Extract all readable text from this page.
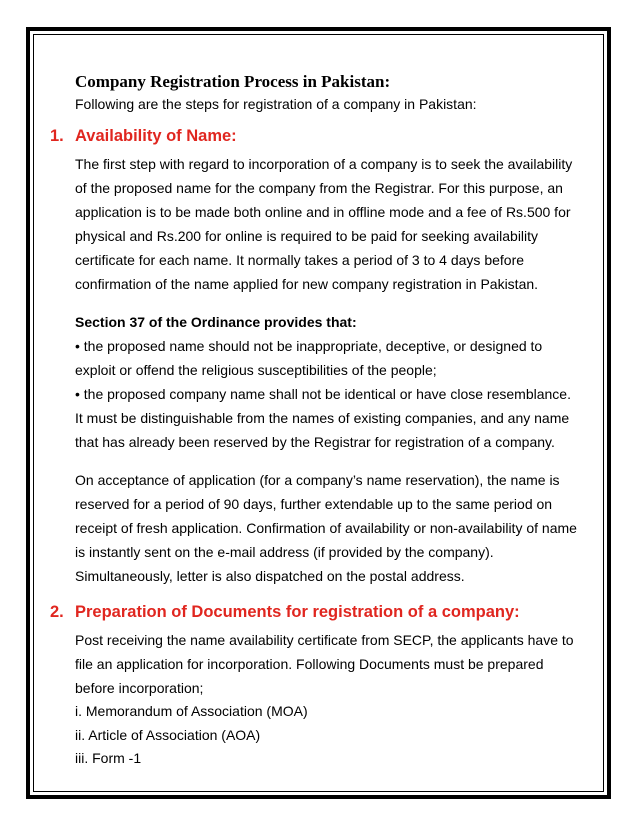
Company Registration Process in Pakistan:
Following are the steps for registration of a company in Pakistan:
1. Availability of Name:
The first step with regard to incorporation of a company is to seek the availability of the proposed name for the company from the Registrar. For this purpose, an application is to be made both online and in offline mode and a fee of Rs.500 for physical and Rs.200 for online is required to be paid for seeking availability certificate for each name. It normally takes a period of 3 to 4 days before confirmation of the name applied for new company registration in Pakistan.
Section 37 of the Ordinance provides that:
• the proposed name should not be inappropriate, deceptive, or designed to exploit or offend the religious susceptibilities of the people;
• the proposed company name shall not be identical or have close resemblance. It must be distinguishable from the names of existing companies, and any name that has already been reserved by the Registrar for registration of a company.
On acceptance of application (for a company’s name reservation), the name is reserved for a period of 90 days, further extendable up to the same period on receipt of fresh application. Confirmation of availability or non-availability of name is instantly sent on the e-mail address (if provided by the company). Simultaneously, letter is also dispatched on the postal address.
2. Preparation of Documents for registration of a company:
Post receiving the name availability certificate from SECP, the applicants have to file an application for incorporation. Following Documents must be prepared before incorporation;
i. Memorandum of Association (MOA)
ii. Article of Association (AOA)
iii. Form -1
